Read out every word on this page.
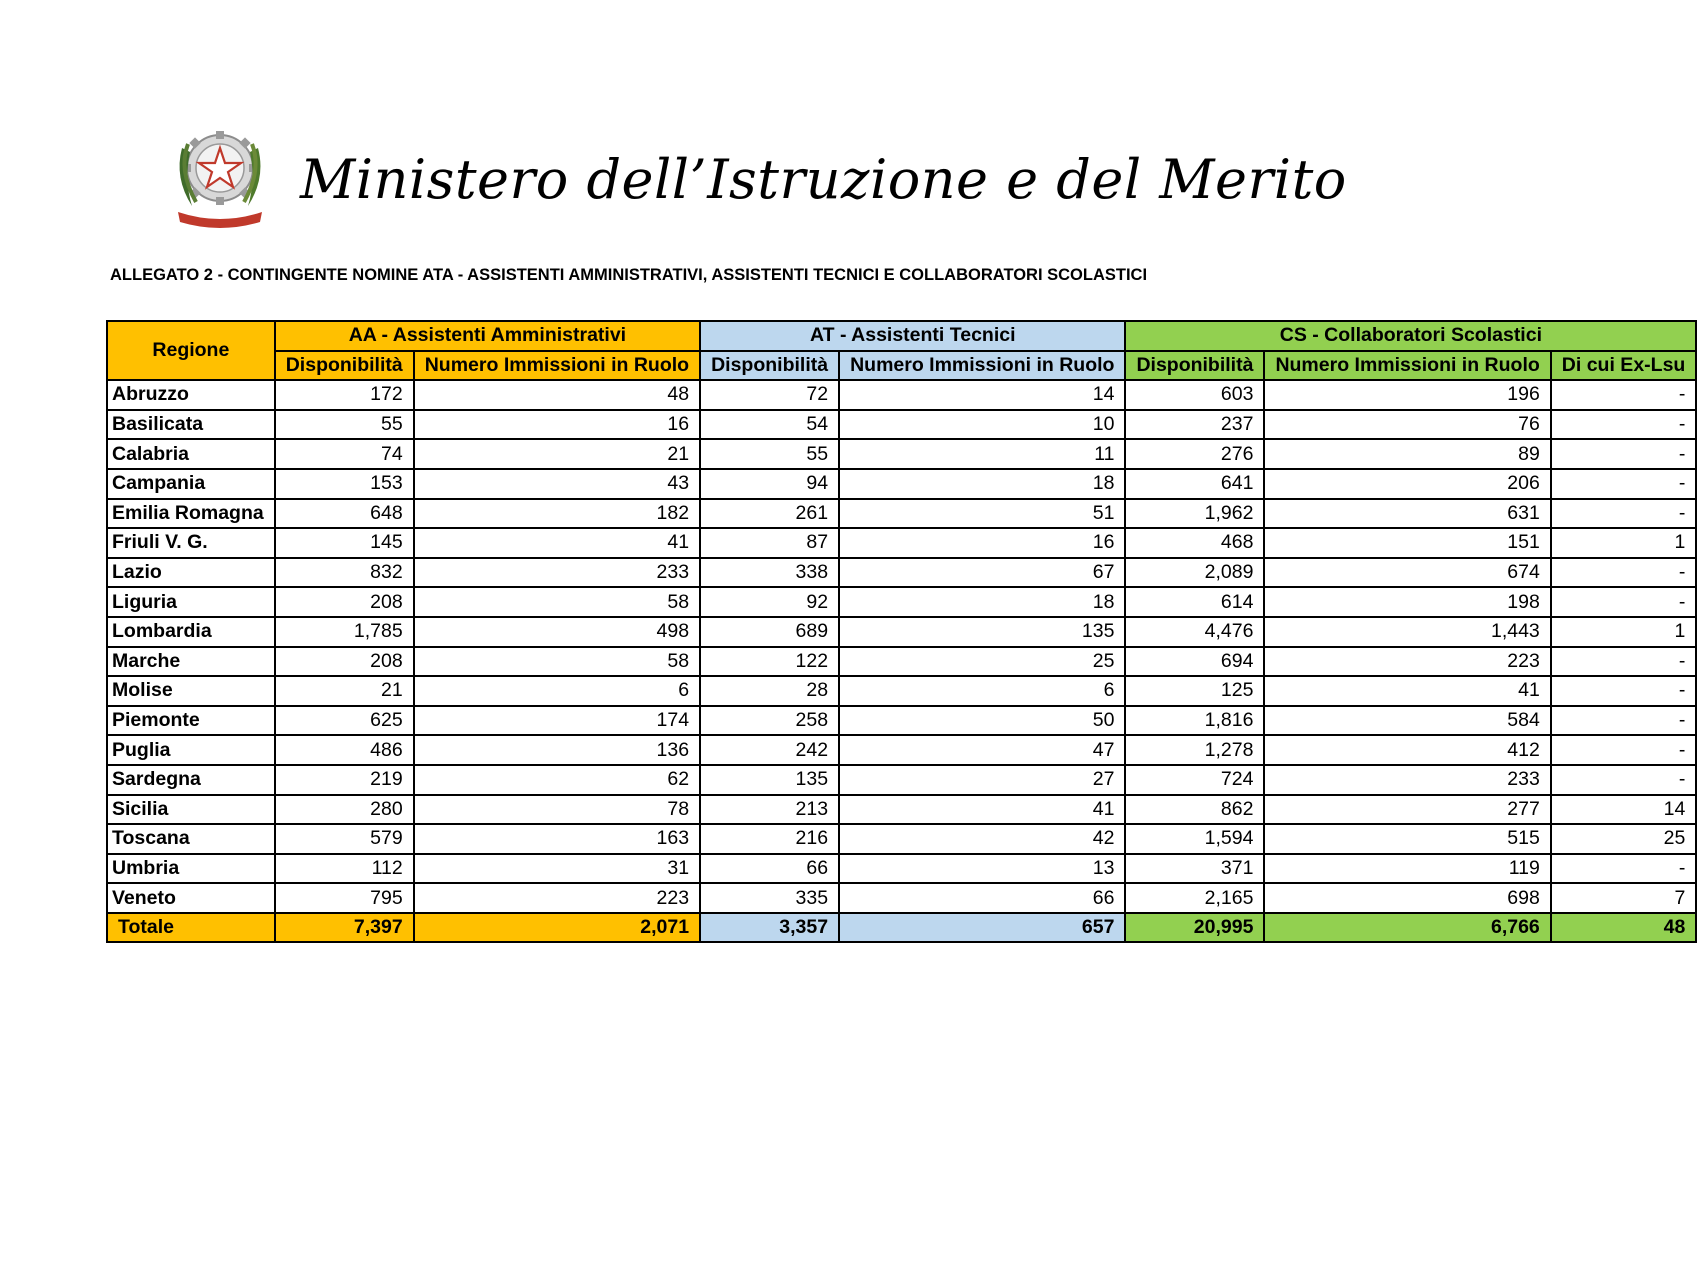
Ministero dell’Istruzione e del Merito
ALLEGATO 2 - CONTINGENTE NOMINE ATA - ASSISTENTI AMMINISTRATIVI, ASSISTENTI TECNICI E COLLABORATORI SCOLASTICI
Regione	AA - Assistenti Amministrativi		AT - Assistenti Tecnici		CS - Collaboratori Scolastici		
	Disponibilità	Numero Immissioni in Ruolo	Disponibilità	Numero Immissioni in Ruolo	Disponibilità	Numero Immissioni in Ruolo	Di cui Ex-Lsu
Abruzzo	172	48	72	14	603	196	-
Basilicata	55	16	54	10	237	76	-
Calabria	74	21	55	11	276	89	-
Campania	153	43	94	18	641	206	-
Emilia Romagna	648	182	261	51	1,962	631	-
Friuli V. G.	145	41	87	16	468	151	1
Lazio	832	233	338	67	2,089	674	-
Liguria	208	58	92	18	614	198	-
Lombardia	1,785	498	689	135	4,476	1,443	1
Marche	208	58	122	25	694	223	-
Molise	21	6	28	6	125	41	-
Piemonte	625	174	258	50	1,816	584	-
Puglia	486	136	242	47	1,278	412	-
Sardegna	219	62	135	27	724	233	-
Sicilia	280	78	213	41	862	277	14
Toscana	579	163	216	42	1,594	515	25
Umbria	112	31	66	13	371	119	-
Veneto	795	223	335	66	2,165	698	7
Totale	7,397	2,071	3,357	657	20,995	6,766	48
